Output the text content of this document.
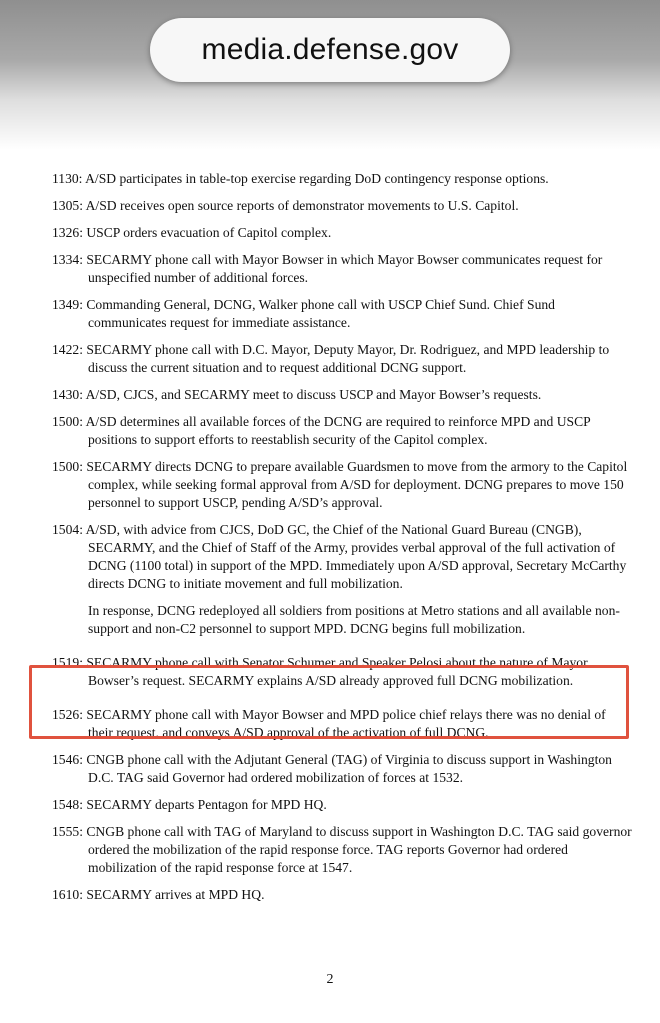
media.defense.gov

1130: A/SD participates in table-top exercise regarding DoD contingency response options.

1305: A/SD receives open source reports of demonstrator movements to U.S. Capitol.

1326: USCP orders evacuation of Capitol complex.

1334: SECARMY phone call with Mayor Bowser in which Mayor Bowser communicates request for unspecified number of additional forces.

1349: Commanding General, DCNG, Walker phone call with USCP Chief Sund. Chief Sund communicates request for immediate assistance.

1422: SECARMY phone call with D.C. Mayor, Deputy Mayor, Dr. Rodriguez, and MPD leadership to discuss the current situation and to request additional DCNG support.

1430: A/SD, CJCS, and SECARMY meet to discuss USCP and Mayor Bowser’s requests.

1500: A/SD determines all available forces of the DCNG are required to reinforce MPD and USCP positions to support efforts to reestablish security of the Capitol complex.

1500: SECARMY directs DCNG to prepare available Guardsmen to move from the armory to the Capitol complex, while seeking formal approval from A/SD for deployment. DCNG prepares to move 150 personnel to support USCP, pending A/SD’s approval.

1504: A/SD, with advice from CJCS, DoD GC, the Chief of the National Guard Bureau (CNGB), SECARMY, and the Chief of Staff of the Army, provides verbal approval of the full activation of DCNG (1100 total) in support of the MPD. Immediately upon A/SD approval, Secretary McCarthy directs DCNG to initiate movement and full mobilization.

In response, DCNG redeployed all soldiers from positions at Metro stations and all available non-support and non-C2 personnel to support MPD. DCNG begins full mobilization.

1519: SECARMY phone call with Senator Schumer and Speaker Pelosi about the nature of Mayor Bowser’s request. SECARMY explains A/SD already approved full DCNG mobilization.

1526: SECARMY phone call with Mayor Bowser and MPD police chief relays there was no denial of their request, and conveys A/SD approval of the activation of full DCNG.

1546: CNGB phone call with the Adjutant General (TAG) of Virginia to discuss support in Washington D.C. TAG said Governor had ordered mobilization of forces at 1532.

1548: SECARMY departs Pentagon for MPD HQ.

1555: CNGB phone call with TAG of Maryland to discuss support in Washington D.C. TAG said governor ordered the mobilization of the rapid response force. TAG reports Governor had ordered mobilization of the rapid response force at 1547.

1610: SECARMY arrives at MPD HQ.

2
